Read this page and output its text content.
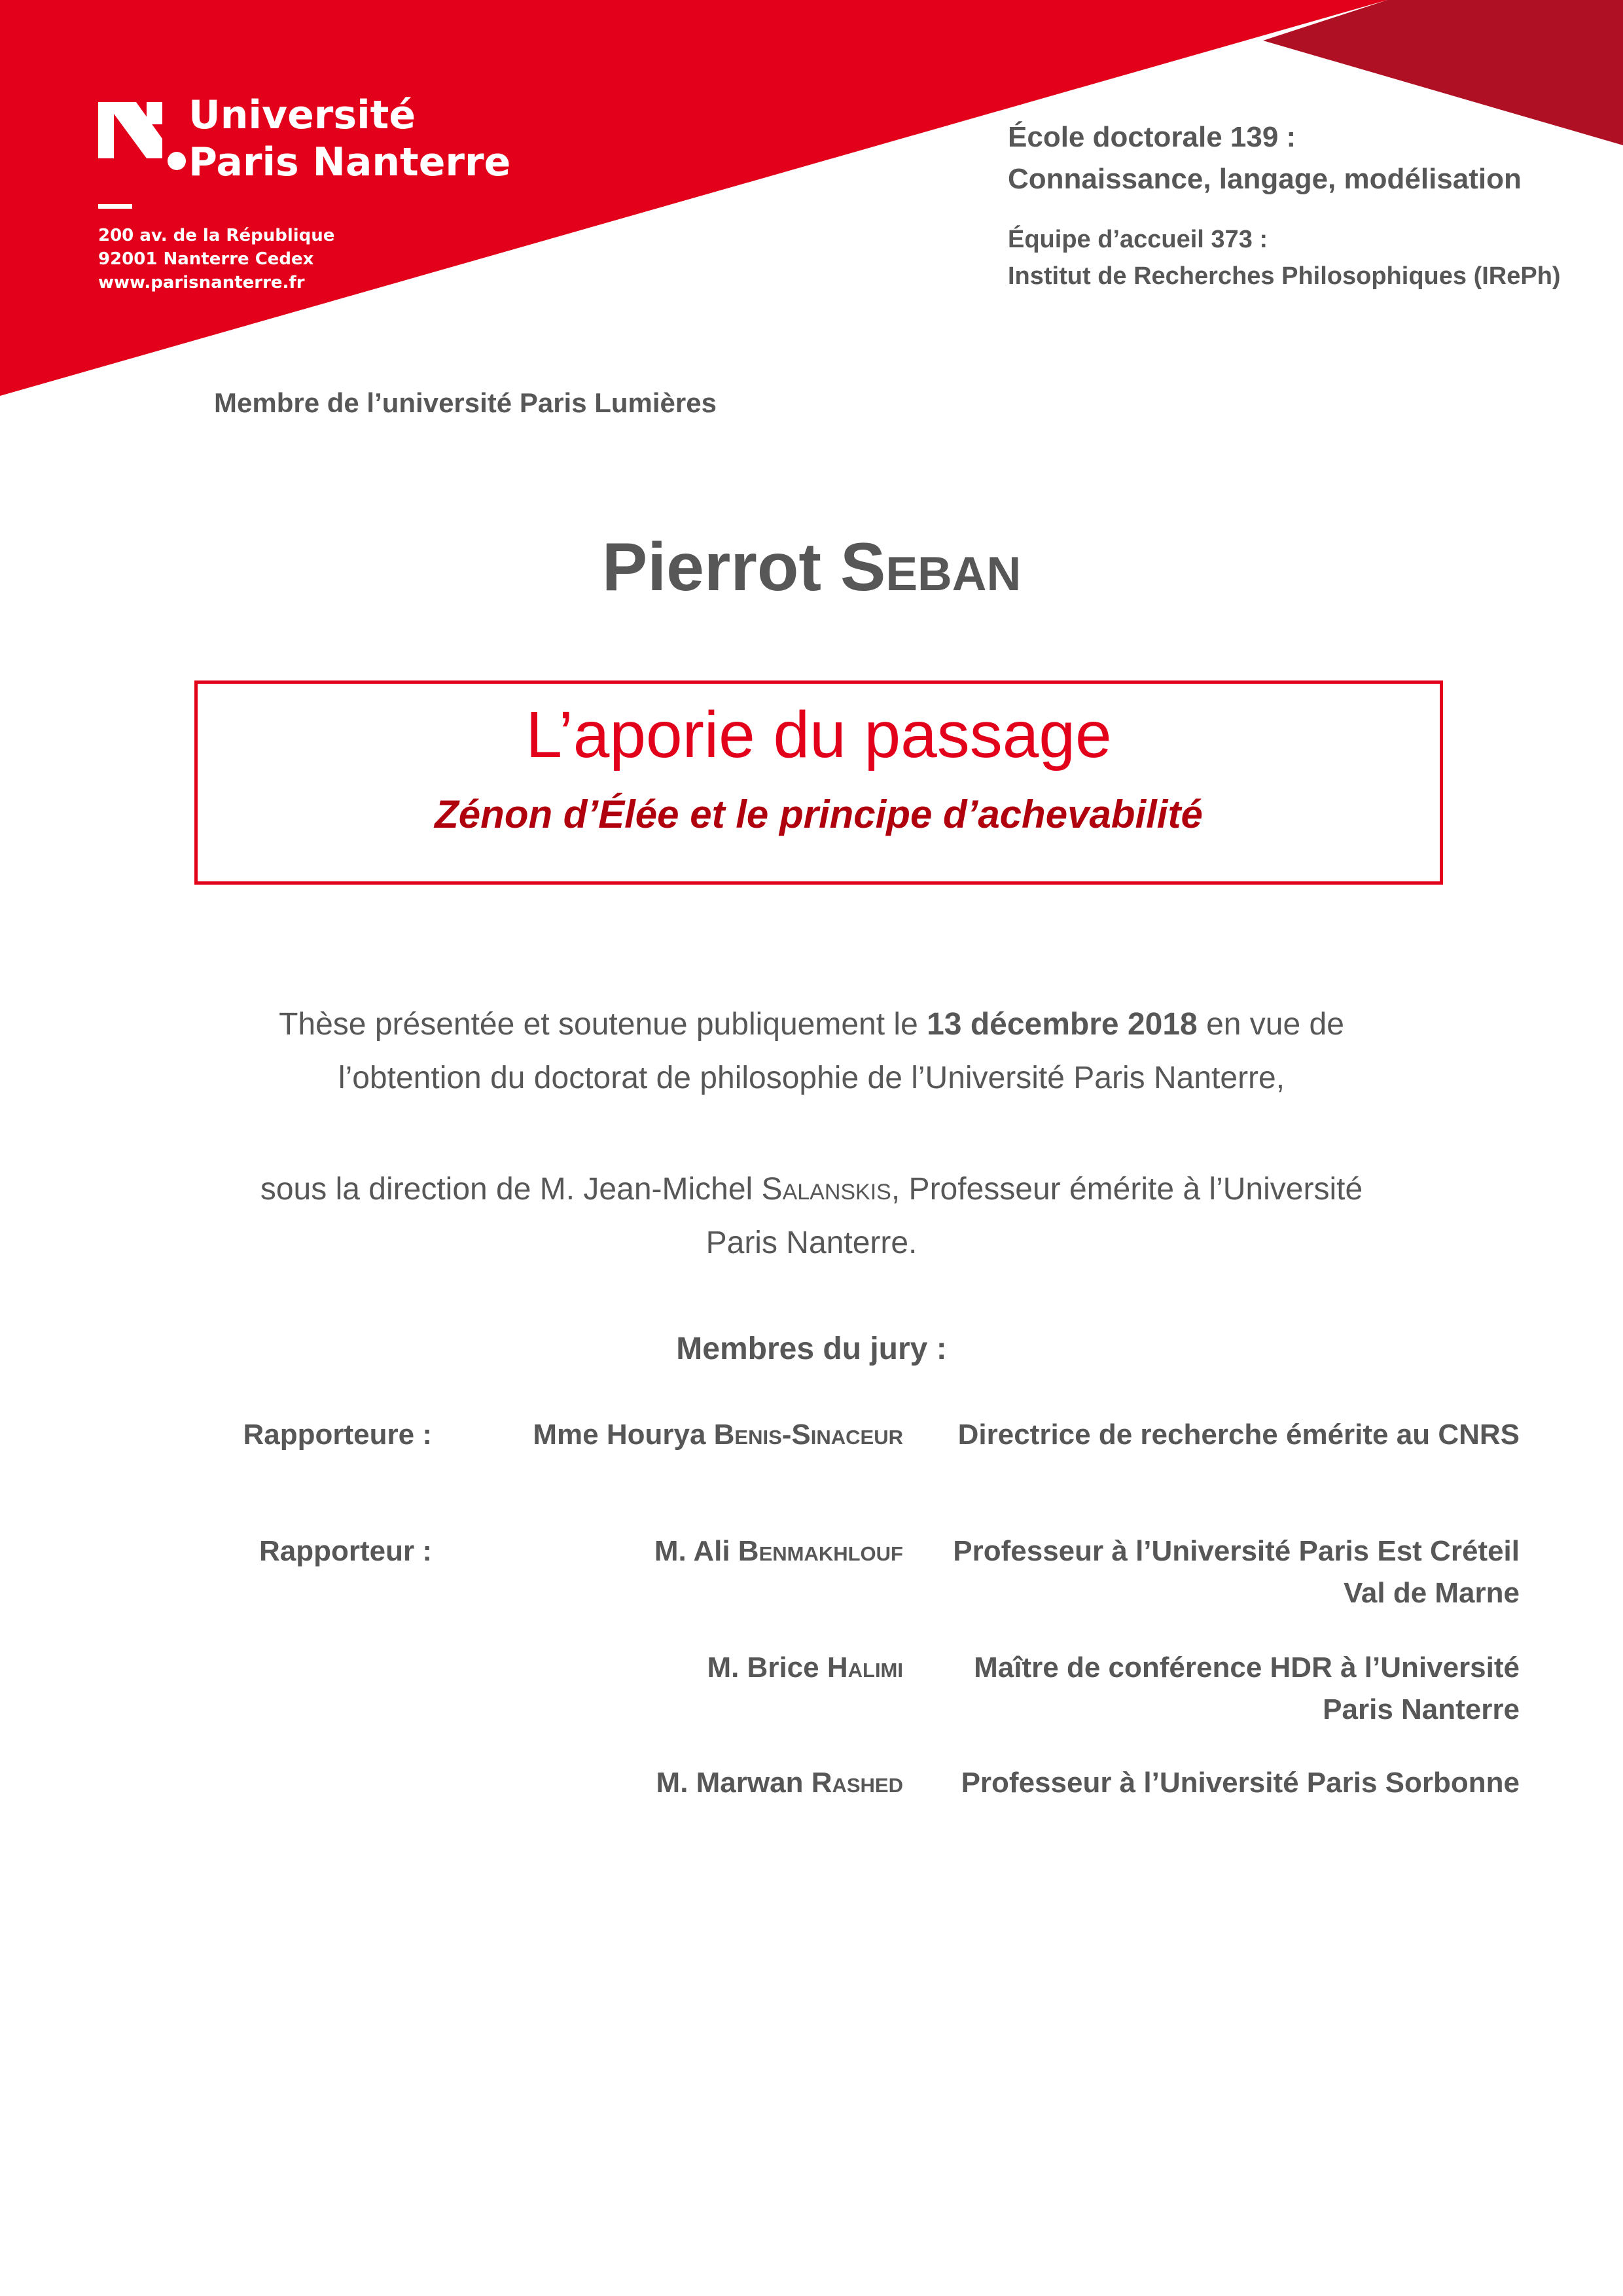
Université
Paris Nanterre
200 av. de la République
92001 Nanterre Cedex
www.parisnanterre.fr
École doctorale 139 :
Connaissance, langage, modélisation
Équipe d’accueil 373 :
Institut de Recherches Philosophiques (IRePh)
Membre de l’université Paris Lumières
Pierrot Seban
L’aporie du passage
Zénon d’Élée et le principe d’achevabilité
Thèse présentée et soutenue publiquement le 13 décembre 2018 en vue de
l’obtention du doctorat de philosophie de l’Université Paris Nanterre,
sous la direction de M. Jean-Michel Salanskis, Professeur émérite à l’Université
Paris Nanterre.
Membres du jury :
Rapporteure :	Mme Hourya Benis-Sinaceur	Directrice de recherche émérite au CNRS
Rapporteur :	M. Ali Benmakhlouf	Professeur à l’Université Paris Est Créteil
Val de Marne
M. Brice Halimi	Maître de conférence HDR à l’Université
Paris Nanterre
M. Marwan Rashed	Professeur à l’Université Paris Sorbonne
